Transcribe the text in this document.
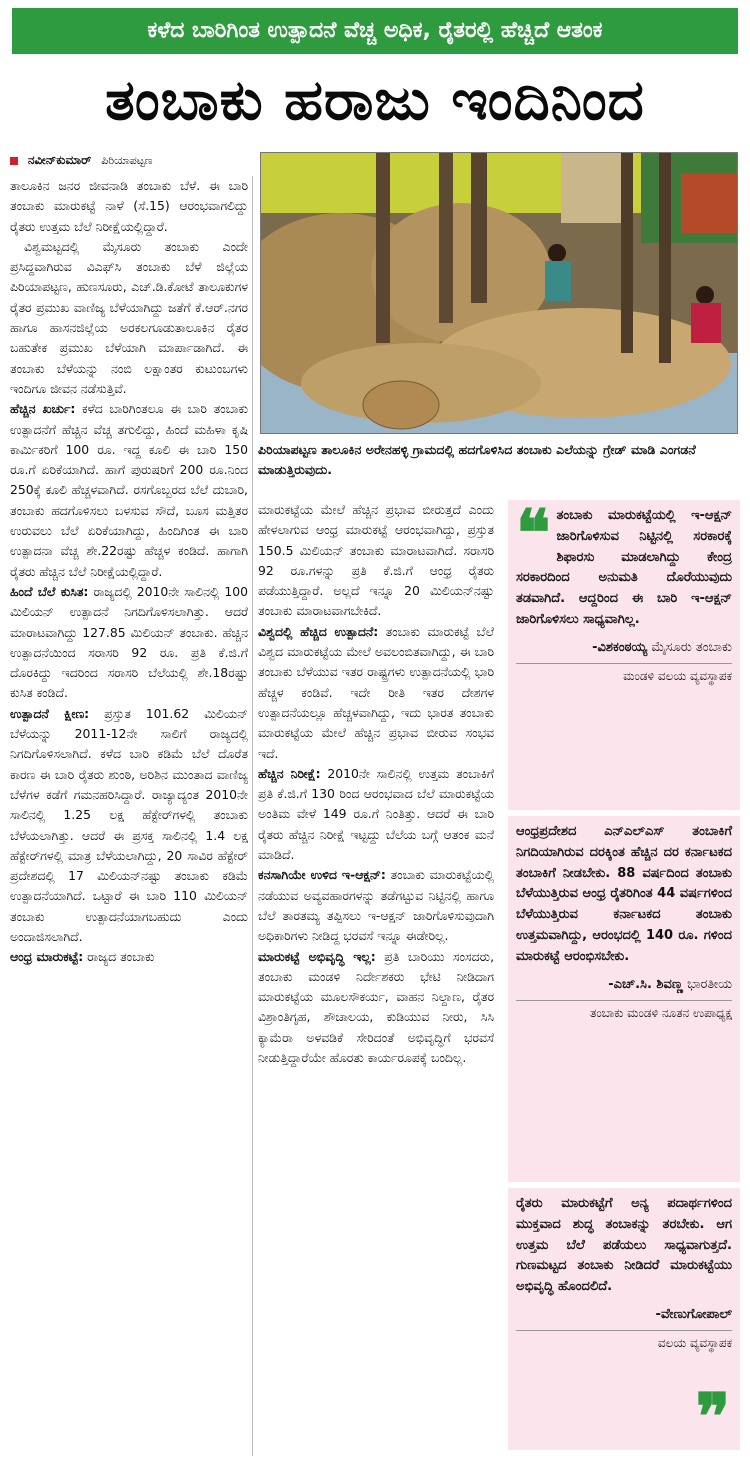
ಕಳೆದ ಬಾರಿಗಿಂತ ಉತ್ಪಾದನೆ ವೆಚ್ಚ ಅಧಿಕ, ರೈತರಲ್ಲಿ ಹೆಚ್ಚಿದೆ ಆತಂಕ
ತಂಬಾಕು ಹರಾಜು ಇಂದಿನಿಂದ
ನವೀನ್‌ಕುಮಾರ್ ಪಿರಿಯಾಪಟ್ಟಣ

ತಾಲೂಕಿನ ಜನರ ಜೀವನಾಡಿ ತಂಬಾಕು ಬೆಳೆ. ಈ ಬಾರಿ ತಂಬಾಕು ಮಾರುಕಟ್ಟೆ ನಾಳೆ (ಸೆ.15) ಆರಂಭವಾಗಲಿದ್ದು ರೈತರು ಉತ್ತಮ ಬೆಲೆ ನಿರೀಕ್ಷೆಯಲ್ಲಿದ್ದಾರೆ.

ವಿಶ್ವಮಟ್ಟದಲ್ಲಿ ಮೈಸೂರು ತಂಬಾಕು ಎಂದೇ ಪ್ರಸಿದ್ದವಾಗಿರುವ ವಿಎಫ್‌ಸಿ ತಂಬಾಕು ಬೆಳೆ ಜಿಲ್ಲೆಯ ಪಿರಿಯಾಪಟ್ಟಣ, ಹುಣಸೂರು, ಎಚ್.ಡಿ.ಕೋಟೆ ತಾಲೂಕುಗಳ ರೈತರ ಪ್ರಮುಖ ವಾಣಿಜ್ಯ ಬೆಳೆಯಾಗಿದ್ದು ಜತೆಗೆ ಕೆ.ಆರ್.ನಗರ ಹಾಗೂ ಹಾಸನಜಿಲ್ಲೆಯ ಅರಕಲಗೂಡುತಾಲೂಕಿನ ರೈತರ ಬಹುತೇಕ ಪ್ರಮುಖ ಬೆಳೆಯಾಗಿ ಮಾರ್ಪಾಡಾಗಿದೆ. ಈ ತಂಬಾಕು ಬೆಳೆಯನ್ನು ನಂಬಿ ಲಕ್ಷಾಂತರ ಕುಟುಂಬಗಳು ಇಂದಿಗೂ ಜೀವನ ನಡೆಸುತ್ತಿವೆ.

ಹೆಚ್ಚಿನ ಖರ್ಚು: ಕಳೆದ ಬಾರಿಗಿಂತಲೂ ಈ ಬಾರಿ ತಂಬಾಕು ಉತ್ಪಾದನೆಗೆ ಹೆಚ್ಚಿನ ವೆಚ್ಚ ತಗುಲಿದ್ದು, ಹಿಂದೆ ಮಹಿಳಾ ಕೃಷಿ ಕಾರ್ಮಿಕರಿಗೆ 100 ರೂ. ಇದ್ದ ಕೂಲಿ ಈ ಬಾರಿ 150 ರೂ.ಗೆ ಏರಿಕೆಯಾಗಿದೆ. ಹಾಗೆ ಪುರುಷರಿಗೆ 200 ರೂ.ನಿಂದ 250ಕ್ಕೆ ಕೂಲಿ ಹೆಚ್ಚಳವಾಗಿದೆ. ರಸಗೊಬ್ಬರದ ಬೆಲೆ ದುಬಾರಿ, ತಂಬಾಕು ಹದಗೊಳಿಸಲು ಬಳಸುವ ಸೌದೆ, ಬೂಸ ಮತ್ತಿತರ ಉರುವಲು ಬೆಲೆ ಏರಿಕೆಯಾಗಿದ್ದು, ಹಿಂದಿಗಿಂತ ಈ ಬಾರಿ ಉತ್ಪಾದನಾ ವೆಚ್ಚ ಶೇ.22ರಷ್ಟು ಹೆಚ್ಚಳ ಕಂಡಿದೆ. ಹಾಗಾಗಿ ರೈತರು ಹೆಚ್ಚಿನ ಬೆಲೆ ನಿರೀಕ್ಷೆಯಲ್ಲಿದ್ದಾರೆ.

ಹಿಂದೆ ಬೆಲೆ ಕುಸಿತ: ರಾಜ್ಯದಲ್ಲಿ 2010ನೇ ಸಾಲಿನಲ್ಲಿ 100 ಮಿಲಿಯನ್ ಉತ್ಪಾದನೆ ನಿಗದಿಗೊಳಿಸಲಾಗಿತ್ತು. ಆದರೆ ಮಾರಾಟವಾಗಿದ್ದು 127.85 ಮಿಲಿಯನ್ ತಂಬಾಕು. ಹೆಚ್ಚಿನ ಉತ್ಪಾದನೆಯಿಂದ ಸರಾಸರಿ 92 ರೂ. ಪ್ರತಿ ಕೆ.ಜಿ.ಗೆ ದೊರಕಿದ್ದು ಇದರಿಂದ ಸರಾಸರಿ ಬೆಲೆಯಲ್ಲಿ ಶೇ.18ರಷ್ಟು ಕುಸಿತ ಕಂಡಿದೆ.

ಉತ್ಪಾದನೆ ಕ್ಷೀಣ: ಪ್ರಸ್ತುತ 101.62 ಮಿಲಿಯನ್ ಬೆಳೆಯನ್ನು 2011-12ನೇ ಸಾಲಿಗೆ ರಾಜ್ಯದಲ್ಲಿ ನಿಗದಿಗೊಳಿಸಲಾಗಿದೆ. ಕಳೆದ ಬಾರಿ ಕಡಿಮೆ ಬೆಲೆ ದೊರೆತ ಕಾರಣ ಈ ಬಾರಿ ರೈತರು ಶುಂಠಿ, ಅರಿಶಿನ ಮುಂತಾದ ವಾಣಿಜ್ಯ ಬೆಳೆಗಳ ಕಡೆಗೆ ಗಮನಹರಿಸಿದ್ದಾರೆ. ರಾಜ್ಯಾದ್ಯಂತ 2010ನೇ ಸಾಲಿನಲ್ಲಿ 1.25 ಲಕ್ಷ ಹೆಕ್ಟೇರ್‌ಗಳಲ್ಲಿ ತಂಬಾಕು ಬೆಳೆಯಲಾಗಿತ್ತು. ಆದರೆ ಈ ಪ್ರಸಕ್ತ ಸಾಲಿನಲ್ಲಿ 1.4 ಲಕ್ಷ ಹೆಕ್ಟೇರ್‌ಗಳಲ್ಲಿ ಮಾತ್ರ ಬೆಳೆಯಲಾಗಿದ್ದು, 20 ಸಾವಿರ ಹೆಕ್ಟೇರ್ ಪ್ರದೇಶದಲ್ಲಿ 17 ಮಿಲಿಯನ್‌ನಷ್ಟು ತಂಬಾಕು ಕಡಿಮೆ ಉತ್ಪಾದನೆಯಾಗಿದೆ. ಒಟ್ಟಾರೆ ಈ ಬಾರಿ 110 ಮಿಲಿಯನ್ ತಂಬಾಕು ಉತ್ಪಾದನೆಯಾಗಬಹುದು ಎಂದು ಅಂದಾಜಿಸಲಾಗಿದೆ.

ಆಂಧ್ರ ಮಾರುಕಟ್ಟೆ: ರಾಜ್ಯದ ತಂಬಾಕು

ಪಿರಿಯಾಪಟ್ಟಣ ತಾಲೂಕಿನ ಅರೇನಹಳ್ಳಿ ಗ್ರಾಮದಲ್ಲಿ ಹದಗೊಳಿಸಿದ ತಂಬಾಕು ಎಲೆಯನ್ನು ಗ್ರೇಡ್ ಮಾಡಿ ಎಂಗಡನೆ ಮಾಡುತ್ತಿರುವುದು.

ಮಾರುಕಟ್ಟೆಯ ಮೇಲೆ ಹೆಚ್ಚಿನ ಪ್ರಭಾವ ಬೀರುತ್ತದೆ ಎಂದು ಹೇಳಲಾಗುವ ಆಂಧ್ರ ಮಾರುಕಟ್ಟೆ ಆರಂಭವಾಗಿದ್ದು, ಪ್ರಸ್ತುತ 150.5 ಮಿಲಿಯನ್ ತಂಬಾಕು ಮಾರಾಟವಾಗಿದೆ. ಸರಾಸರಿ 92 ರೂ.ಗಳನ್ನು ಪ್ರತಿ ಕೆ.ಜಿ.ಗೆ ಆಂಧ್ರ ರೈತರು ಪಡೆಯುತ್ತಿದ್ದಾರೆ. ಅಲ್ಲದೆ ಇನ್ನೂ 20 ಮಿಲಿಯನ್‌ನಷ್ಟು ತಂಬಾಕು ಮಾರಾಟವಾಗಬೇಕಿದೆ.

ವಿಶ್ವದಲ್ಲಿ ಹೆಚ್ಚಿದ ಉತ್ಪಾದನೆ: ತಂಬಾಕು ಮಾರುಕಟ್ಟೆ ಬೆಲೆ ವಿಶ್ವದ ಮಾರುಕಟ್ಟೆಯ ಮೇಲೆ ಅವಲಂಬಿತವಾಗಿದ್ದು, ಈ ಬಾರಿ ತಂಬಾಕು ಬೆಳೆಯುವ ಇತರ ರಾಷ್ಟ್ರಗಳು ಉತ್ಪಾದನೆಯಲ್ಲಿ ಭಾರಿ ಹೆಚ್ಚಳ ಕಂಡಿವೆ. ಇದೇ ರೀತಿ ಇತರ ದೇಶಗಳ ಉತ್ಪಾದನೆಯಲ್ಲೂ ಹೆಚ್ಚಳವಾಗಿದ್ದು, ಇದು ಭಾರತ ತಂಬಾಕು ಮಾರುಕಟ್ಟೆಯ ಮೇಲೆ ಹೆಚ್ಚಿನ ಪ್ರಭಾವ ಬೀರುವ ಸಂಭವ ಇದೆ.

ಹೆಚ್ಚಿನ ನಿರೀಕ್ಷೆ: 2010ನೇ ಸಾಲಿನಲ್ಲಿ ಉತ್ತಮ ತಂಬಾಕಿಗೆ ಪ್ರತಿ ಕೆ.ಜಿ.ಗೆ 130 ರಿಂದ ಆರಂಭವಾದ ಬೆಲೆ ಮಾರುಕಟ್ಟೆಯ ಅಂತಿಮ ವೇಳೆ 149 ರೂ.ಗೆ ನಿಂತಿತ್ತು. ಆದರೆ ಈ ಬಾರಿ ರೈತರು ಹೆಚ್ಚಿನ ನಿರೀಕ್ಷೆ ಇಟ್ಟದ್ದು ಬೆಲೆಯ ಬಗ್ಗೆ ಆತಂಕ ಮನೆ ಮಾಡಿದೆ.

ಕನಸಾಗಿಯೇ ಉಳಿದ ಇ-ಆಕ್ಷನ್: ತಂಬಾಕು ಮಾರುಕಟ್ಟೆಯಲ್ಲಿ ನಡೆಯುವ ಅವ್ಯವಹಾರಗಳನ್ನು ತಡೆಗಟ್ಟುವ ನಿಟ್ಟಿನಲ್ಲಿ ಹಾಗೂ ಬೆಲೆ ತಾರತಮ್ಯ ತಪ್ಪಿಸಲು ಇ-ಆಕ್ಷನ್ ಜಾರಿಗೊಳಿಸುವುದಾಗಿ ಅಧಿಕಾರಿಗಳು ನೀಡಿದ್ದ ಭರವಸೆ ಇನ್ನೂ ಈಡೇರಿಲ್ಲ.

ಮಾರುಕಟ್ಟೆ ಅಭಿವೃದ್ಧಿ ಇಲ್ಲ: ಪ್ರತಿ ಬಾರಿಯು ಸಂಸದರು, ತಂಬಾಕು ಮಂಡಳಿ ನಿರ್ದೇಶಕರು ಭೇಟಿ ನೀಡಿದಾಗ ಮಾರುಕಟ್ಟೆಯ ಮೂಲಸೌಕರ್ಯ, ವಾಹನ ನಿಲ್ದಾಣ, ರೈತರ ವಿಶ್ರಾಂತಿಗೃಹ, ಶೌಚಾಲಯ, ಕುಡಿಯುವ ನೀರು, ಸಿಸಿ ಕ್ಯಾಮೆರಾ ಅಳವಡಿಕೆ ಸೇರಿದಂತೆ ಅಭಿವೃದ್ಧಿಗೆ ಭರವಸೆ ನೀಡುತ್ತಿದ್ದಾರೆಯೇ ಹೊರತು ಕಾರ್ಯರೂಪಕ್ಕೆ ಬಂದಿಲ್ಲ.

❝ ತಂಬಾಕು ಮಾರುಕಟ್ಟೆಯಲ್ಲಿ ಇ-ಆಕ್ಷನ್ ಜಾರಿಗೊಳಿಸುವ ನಿಟ್ಟಿನಲ್ಲಿ ಸರಕಾರಕ್ಕೆ ಶಿಫಾರಸು ಮಾಡಲಾಗಿದ್ದು ಕೇಂದ್ರ ಸರಕಾರದಿಂದ ಅನುಮತಿ ದೊರೆಯುವುದು ತಡವಾಗಿದೆ. ಆದ್ದರಿಂದ ಈ ಬಾರಿ ಇ-ಆಕ್ಷನ್ ಜಾರಿಗೊಳಿಸಲು ಸಾಧ್ಯವಾಗಿಲ್ಲ.
-ವಿಶಕಂಠಯ್ಯ ಮೈಸೂರು ತಂಬಾಕು
ಮಂಡಳಿ ವಲಯ ವ್ಯವಸ್ಥಾಪಕ
ಆಂಧ್ರಪ್ರದೇಶದ ಎನ್‌ಎಲ್‌ಎಸ್ ತಂಬಾಕಿಗೆ ನಿಗದಿಯಾಗಿರುವ ದರಕ್ಕಿಂತ ಹೆಚ್ಚಿನ ದರ ಕರ್ನಾಟಕದ ತಂಬಾಕಿಗೆ ನೀಡಬೇಕು. 88 ವರ್ಷದಿಂದ ತಂಬಾಕು ಬೆಳೆಯುತ್ತಿರುವ ಆಂಧ್ರ ರೈತರಿಗಿಂತ 44 ವರ್ಷಗಳಿಂದ ಬೆಳೆಯುತ್ತಿರುವ ಕರ್ನಾಟಕದ ತಂಬಾಕು ಉತ್ತಮವಾಗಿದ್ದು, ಆರಂಭದಲ್ಲಿ 140 ರೂ. ಗಳಿಂದ ಮಾರುಕಟ್ಟೆ ಆರಂಭಿಸಬೇಕು.
-ಎಚ್.ಸಿ. ಶಿವಣ್ಣ ಭಾರತೀಯ
ತಂಬಾಕು ಮಂಡಳಿ ನೂತನ ಉಪಾಧ್ಯಕ್ಷ
ರೈತರು ಮಾರುಕಟ್ಟೆಗೆ ಅನ್ಯ ಪದಾರ್ಥಗಳಿಂದ ಮುಕ್ತವಾದ ಶುದ್ಧ ತಂಬಾಕನ್ನು ತರಬೇಕು. ಆಗ ಉತ್ತಮ ಬೆಲೆ ಪಡೆಯಲು ಸಾಧ್ಯವಾಗುತ್ತದೆ. ಗುಣಮಟ್ಟದ ತಂಬಾಕು ನೀಡಿದರೆ ಮಾರುಕಟ್ಟೆಯು ಅಭಿವೃದ್ಧಿ ಹೊಂದಲಿದೆ.
-ವೇಣುಗೋಪಾಲ್
ವಲಯ ವ್ಯವಸ್ಥಾಪಕ
❞
